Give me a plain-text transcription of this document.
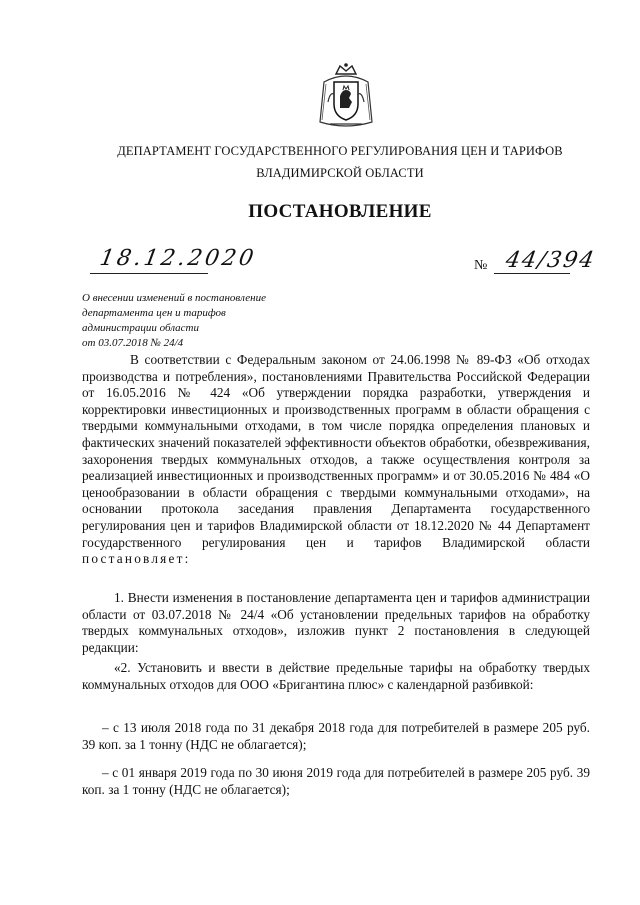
ДЕПАРТАМЕНТ ГОСУДАРСТВЕННОГО РЕГУЛИРОВАНИЯ ЦЕН И ТАРИФОВ
ВЛАДИМИРСКОЙ ОБЛАСТИ
ПОСТАНОВЛЕНИЕ
18.12.2020	№ 44/394
О внесении изменений в постановление
департамента цен и тарифов
администрации области
от 03.07.2018 № 24/4
В соответствии с Федеральным законом от 24.06.1998 № 89-ФЗ «Об отходах производства и потребления», постановлениями Правительства Российской Федерации от 16.05.2016 № 424 «Об утверждении порядка разработки, утверждения и корректировки инвестиционных и производственных программ в области обращения с твердыми коммунальными отходами, в том числе порядка определения плановых и фактических значений показателей эффективности объектов обработки, обезвреживания, захоронения твердых коммунальных отходов, а также осуществления контроля за реализацией инвестиционных и производственных программ» и от 30.05.2016 № 484 «О ценообразовании в области обращения с твердыми коммунальными отходами», на основании протокола заседания правления Департамента государственного регулирования цен и тарифов Владимирской области от 18.12.2020 № 44 Департамент государственного регулирования цен и тарифов Владимирской области постановляет:
1. Внести изменения в постановление департамента цен и тарифов администрации области от 03.07.2018 № 24/4 «Об установлении предельных тарифов на обработку твердых коммунальных отходов», изложив пункт 2 постановления в следующей редакции:
«2. Установить и ввести в действие предельные тарифы на обработку твердых коммунальных отходов для ООО «Бригантина плюс» с календарной разбивкой:
– с 13 июля 2018 года по 31 декабря 2018 года для потребителей в размере 205 руб. 39 коп. за 1 тонну (НДС не облагается);
– с 01 января 2019 года по 30 июня 2019 года для потребителей в размере 205 руб. 39 коп. за 1 тонну (НДС не облагается);
